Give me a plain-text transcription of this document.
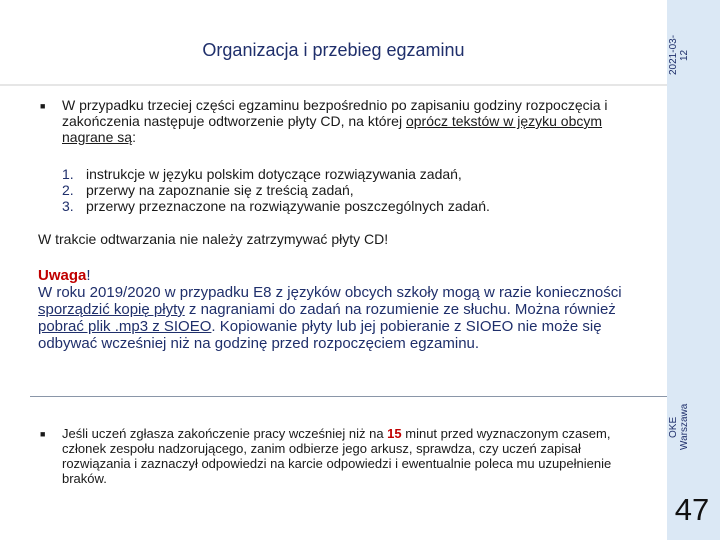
2021-03-12
OKE Warszawa
47
Organizacja i przebieg egzaminu
■ W przypadku trzeciej części egzaminu bezpośrednio po zapisaniu godziny rozpoczęcia i zakończenia następuje odtworzenie płyty CD, na której oprócz tekstów w języku obcym nagrane są:
1. instrukcje w języku polskim dotyczące rozwiązywania zadań,
2. przerwy na zapoznanie się z treścią zadań,
3. przerwy przeznaczone na rozwiązywanie poszczególnych zadań.
W trakcie odtwarzania nie należy zatrzymywać płyty CD!
Uwaga!
W roku 2019/2020 w przypadku E8 z języków obcych szkoły mogą w razie konieczności sporządzić kopię płyty z nagraniami do zadań na rozumienie ze słuchu. Można również pobrać plik .mp3 z SIOEO. Kopiowanie płyty lub jej pobieranie z SIOEO nie może się odbywać wcześniej niż na godzinę przed rozpoczęciem egzaminu.
■ Jeśli uczeń zgłasza zakończenie pracy wcześniej niż na 15 minut przed wyznaczonym czasem, członek zespołu nadzorującego, zanim odbierze jego arkusz, sprawdza, czy uczeń zapisał rozwiązania i zaznaczył odpowiedzi na karcie odpowiedzi i ewentualnie poleca mu uzupełnienie braków.
